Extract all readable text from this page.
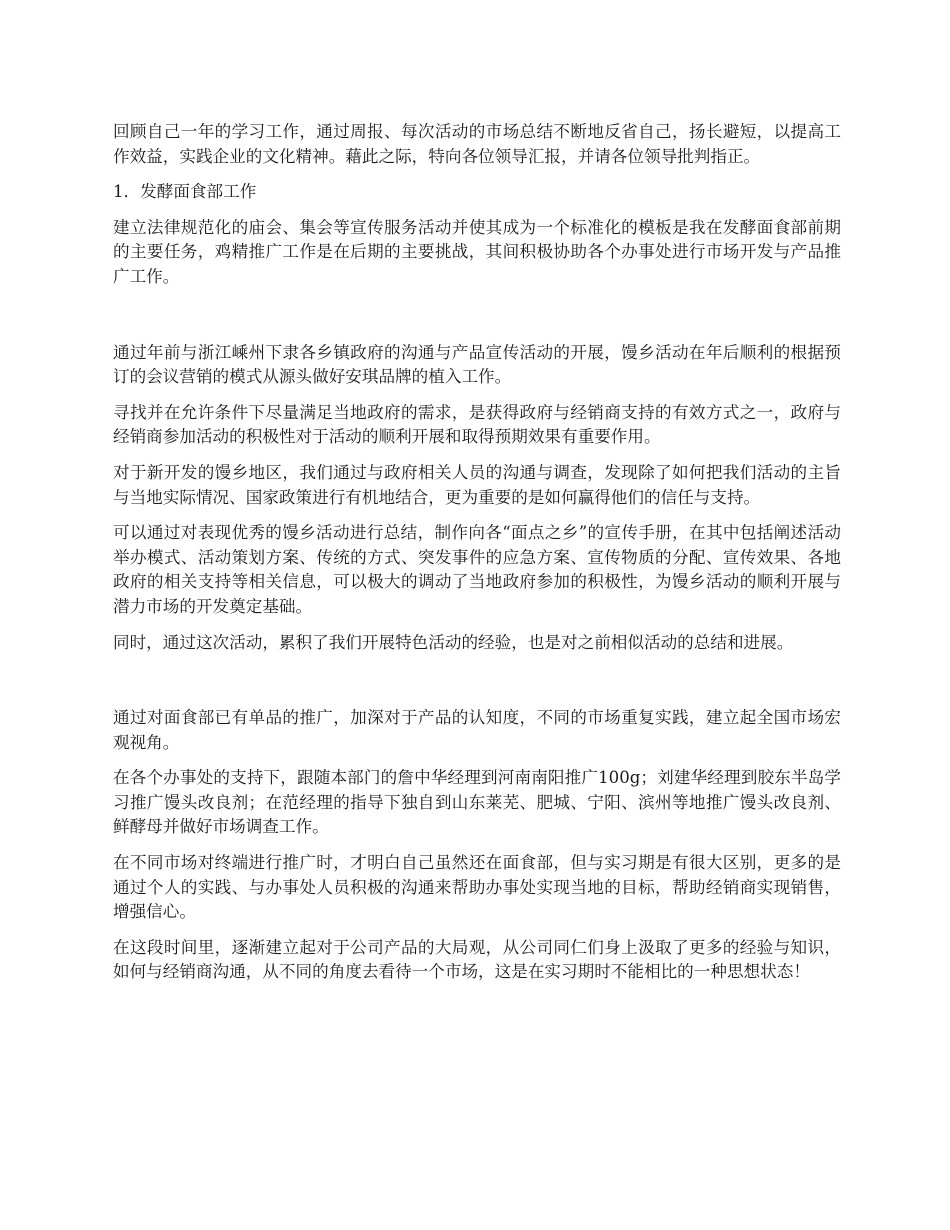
回顾自己一年的学习工作，通过周报、每次活动的市场总结不断地反省自己，扬长避短，以提高工作效益，实践企业的文化精神。藉此之际，特向各位领导汇报，并请各位领导批判指正。

1．发酵面食部工作

建立法律规范化的庙会、集会等宣传服务活动并使其成为一个标准化的模板是我在发酵面食部前期的主要任务，鸡精推广工作是在后期的主要挑战，其间积极协助各个办事处进行市场开发与产品推广工作。

通过年前与浙江嵊州下隶各乡镇政府的沟通与产品宣传活动的开展，馒乡活动在年后顺利的根据预订的会议营销的模式从源头做好安琪品牌的植入工作。

寻找并在允许条件下尽量满足当地政府的需求，是获得政府与经销商支持的有效方式之一，政府与经销商参加活动的积极性对于活动的顺利开展和取得预期效果有重要作用。

对于新开发的馒乡地区，我们通过与政府相关人员的沟通与调查，发现除了如何把我们活动的主旨与当地实际情况、国家政策进行有机地结合，更为重要的是如何赢得他们的信任与支持。

可以通过对表现优秀的馒乡活动进行总结，制作向各“面点之乡”的宣传手册，在其中包括阐述活动举办模式、活动策划方案、传统的方式、突发事件的应急方案、宣传物质的分配、宣传效果、各地政府的相关支持等相关信息，可以极大的调动了当地政府参加的积极性，为馒乡活动的顺利开展与潜力市场的开发奠定基础。

同时，通过这次活动，累积了我们开展特色活动的经验，也是对之前相似活动的总结和进展。

通过对面食部已有单品的推广，加深对于产品的认知度，不同的市场重复实践，建立起全国市场宏观视角。

在各个办事处的支持下，跟随本部门的詹中华经理到河南南阳推广100g；刘建华经理到胶东半岛学习推广馒头改良剂；在范经理的指导下独自到山东莱芜、肥城、宁阳、滨州等地推广馒头改良剂、鲜酵母并做好市场调查工作。

在不同市场对终端进行推广时，才明白自己虽然还在面食部，但与实习期是有很大区别，更多的是通过个人的实践、与办事处人员积极的沟通来帮助办事处实现当地的目标，帮助经销商实现销售，增强信心。

在这段时间里，逐渐建立起对于公司产品的大局观，从公司同仁们身上汲取了更多的经验与知识，如何与经销商沟通，从不同的角度去看待一个市场，这是在实习期时不能相比的一种思想状态！
